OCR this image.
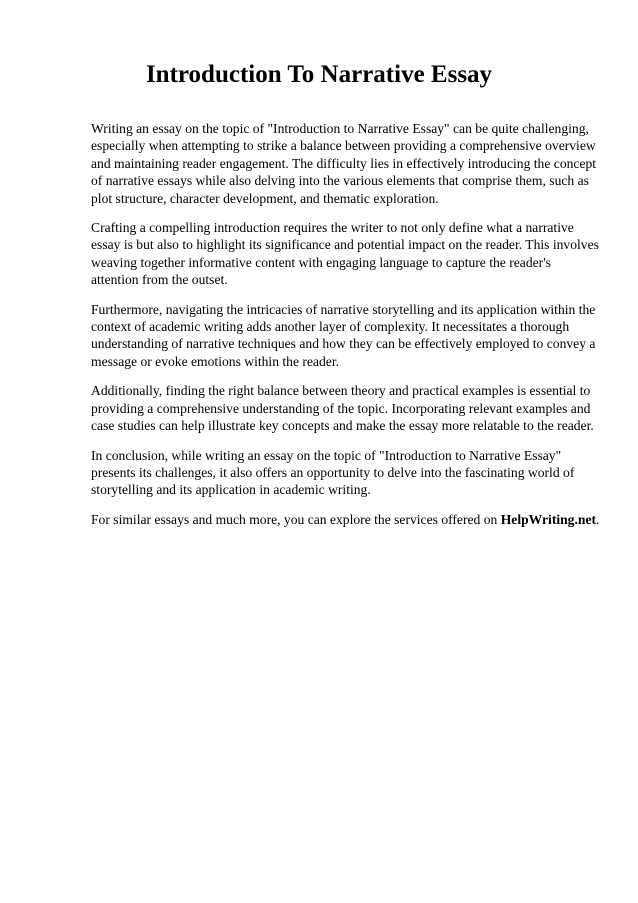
Introduction To Narrative Essay

Writing an essay on the topic of "Introduction to Narrative Essay" can be quite challenging, especially when attempting to strike a balance between providing a comprehensive overview and maintaining reader engagement. The difficulty lies in effectively introducing the concept of narrative essays while also delving into the various elements that comprise them, such as plot structure, character development, and thematic exploration.

Crafting a compelling introduction requires the writer to not only define what a narrative essay is but also to highlight its significance and potential impact on the reader. This involves weaving together informative content with engaging language to capture the reader's attention from the outset.

Furthermore, navigating the intricacies of narrative storytelling and its application within the context of academic writing adds another layer of complexity. It necessitates a thorough understanding of narrative techniques and how they can be effectively employed to convey a message or evoke emotions within the reader.

Additionally, finding the right balance between theory and practical examples is essential to providing a comprehensive understanding of the topic. Incorporating relevant examples and case studies can help illustrate key concepts and make the essay more relatable to the reader.

In conclusion, while writing an essay on the topic of "Introduction to Narrative Essay" presents its challenges, it also offers an opportunity to delve into the fascinating world of storytelling and its application in academic writing.

For similar essays and much more, you can explore the services offered on HelpWriting.net.
